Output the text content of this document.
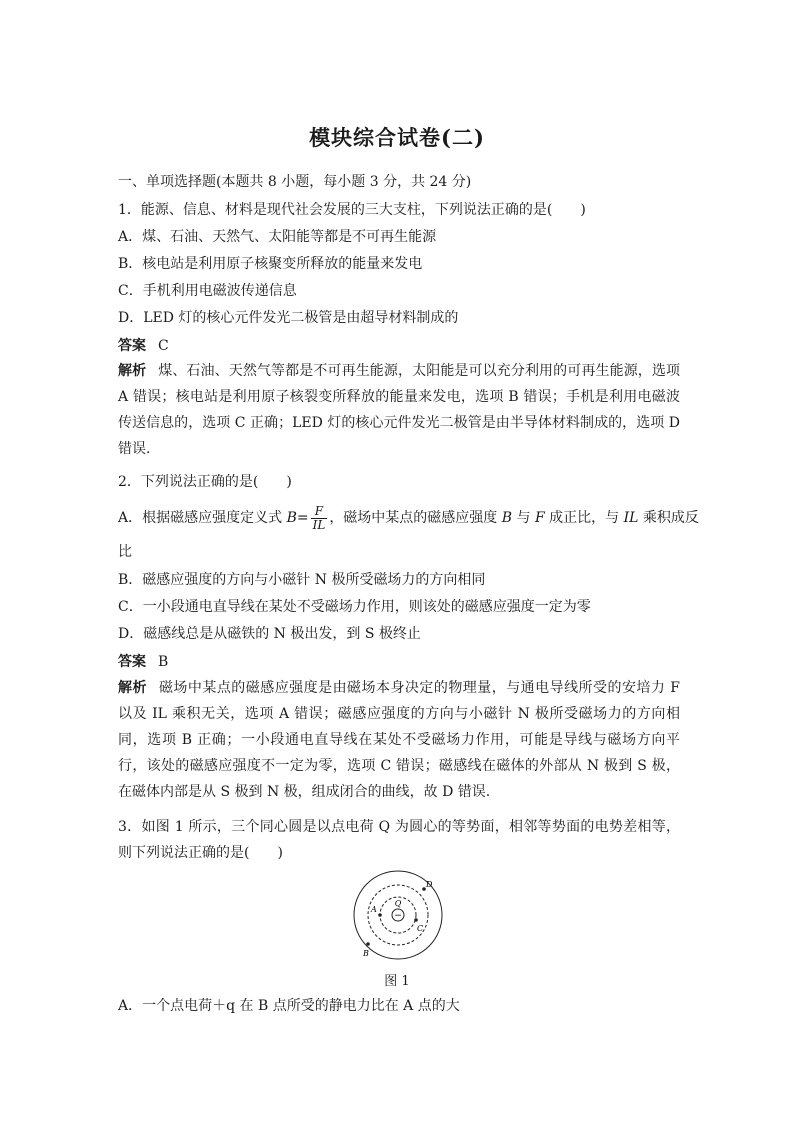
模块综合试卷(二)
一、单项选择题(本题共 8 小题，每小题 3 分，共 24 分)
1．能源、信息、材料是现代社会发展的三大支柱，下列说法正确的是(　　)
A．煤、石油、天然气、太阳能等都是不可再生能源
B．核电站是利用原子核聚变所释放的能量来发电
C．手机利用电磁波传递信息
D．LED 灯的核心元件发光二极管是由超导材料制成的
答案 C
解析 煤、石油、天然气等都是不可再生能源，太阳能是可以充分利用的可再生能源，选项 A 错误；核电站是利用原子核裂变所释放的能量来发电，选项 B 错误；手机是利用电磁波传送信息的，选项 C 正确；LED 灯的核心元件发光二极管是由半导体材料制成的，选项 D 错误.
2．下列说法正确的是(　　)
A．根据磁感应强度定义式 $B= \frac{F}{IL}$ ，磁场中某点的磁感应强度 B 与 F 成正比，与 IL 乘积成反
比
B．磁感应强度的方向与小磁针 N 极所受磁场力的方向相同
C．一小段通电直导线在某处不受磁场力作用，则该处的磁感应强度一定为零
D．磁感线总是从磁铁的 N 极出发，到 S 极终止
答案 B
解析 磁场中某点的磁感应强度是由磁场本身决定的物理量，与通电导线所受的安培力 F 以及 IL 乘积无关，选项 A 错误；磁感应强度的方向与小磁针 N 极所受磁场力的方向相同，选项 B 正确；一小段通电直导线在某处不受磁场力作用，可能是导线与磁场方向平行，该处的磁感应强度不一定为零，选项 C 错误；磁感线在磁体的外部从 N 极到 S 极，在磁体内部是从 S 极到 N 极，组成闭合的曲线，故 D 错误.
3．如图 1 所示，三个同心圆是以点电荷 Q 为圆心的等势面，相邻等势面的电势差相等，则下列说法正确的是(　　)
−
Q
A
B
C
D
图 1
A．一个点电荷＋q 在 B 点所受的静电力比在 A 点的大
